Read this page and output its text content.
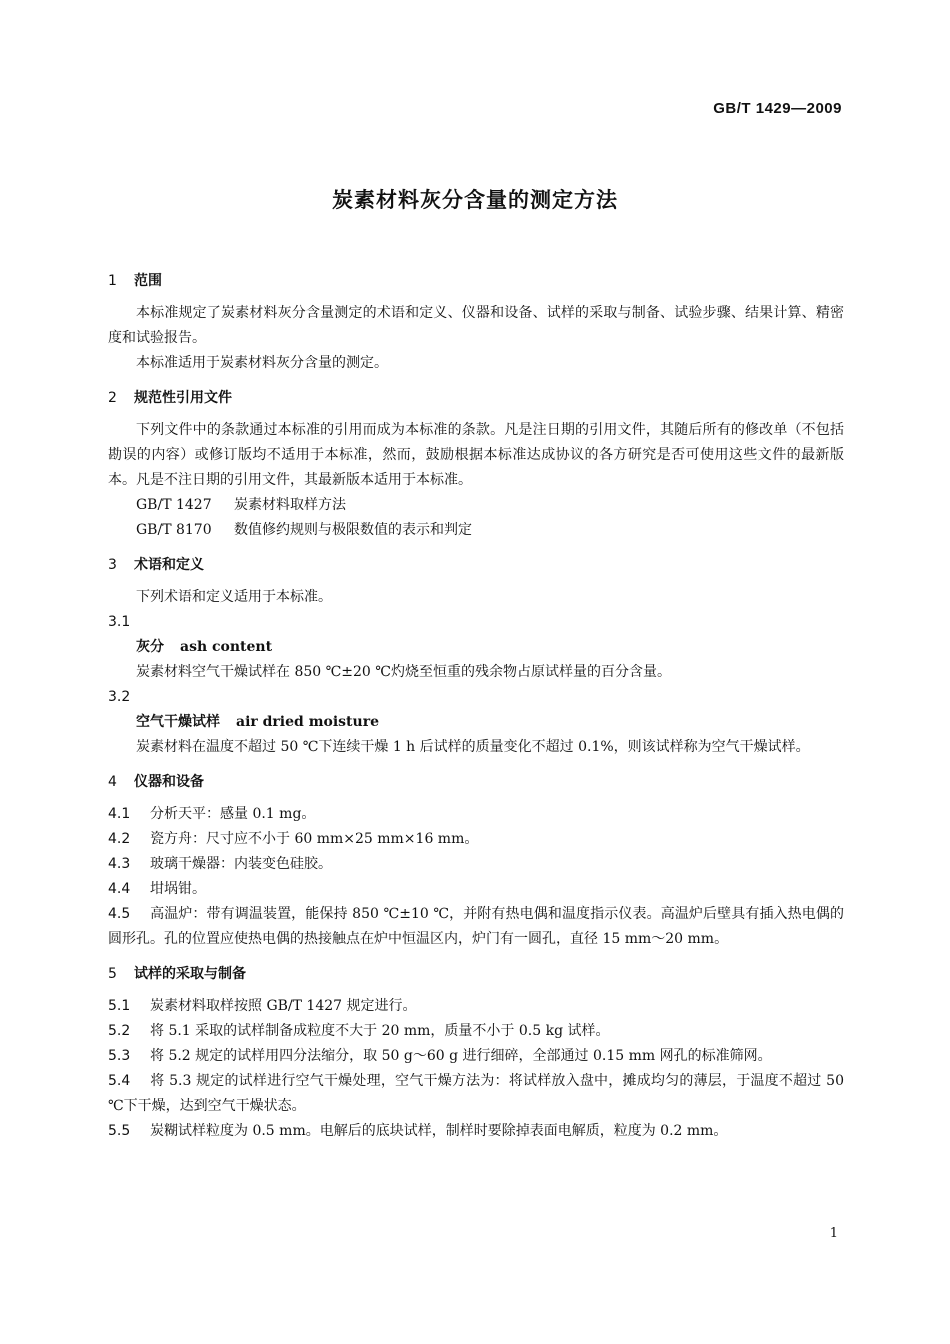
GB/T 1429—2009
炭素材料灰分含量的测定方法
1 范围

本标准规定了炭素材料灰分含量测定的术语和定义、仪器和设备、试样的采取与制备、试验步骤、结果计算、精密度和试验报告。

本标准适用于炭素材料灰分含量的测定。

2 规范性引用文件

下列文件中的条款通过本标准的引用而成为本标准的条款。凡是注日期的引用文件，其随后所有的修改单（不包括勘误的内容）或修订版均不适用于本标准，然而，鼓励根据本标准达成协议的各方研究是否可使用这些文件的最新版本。凡是不注日期的引用文件，其最新版本适用于本标准。

GB/T 1427 炭素材料取样方法

GB/T 8170 数值修约规则与极限数值的表示和判定

3 术语和定义

下列术语和定义适用于本标准。

3.1

灰分 ash content

炭素材料空气干燥试样在 850 ℃±20 ℃灼烧至恒重的残余物占原试样量的百分含量。

3.2

空气干燥试样 air dried moisture

炭素材料在温度不超过 50 ℃下连续干燥 1 h 后试样的质量变化不超过 0.1%，则该试样称为空气干燥试样。

4 仪器和设备

4.1 分析天平：感量 0.1 mg。

4.2 瓷方舟：尺寸应不小于 60 mm×25 mm×16 mm。

4.3 玻璃干燥器：内装变色硅胶。

4.4 坩埚钳。

4.5 高温炉：带有调温装置，能保持 850 ℃±10 ℃，并附有热电偶和温度指示仪表。高温炉后壁具有插入热电偶的圆形孔。孔的位置应使热电偶的热接触点在炉中恒温区内，炉门有一圆孔，直径 15 mm～20 mm。

5 试样的采取与制备

5.1 炭素材料取样按照 GB/T 1427 规定进行。

5.2 将 5.1 采取的试样制备成粒度不大于 20 mm，质量不小于 0.5 kg 试样。

5.3 将 5.2 规定的试样用四分法缩分，取 50 g～60 g 进行细碎，全部通过 0.15 mm 网孔的标准筛网。

5.4 将 5.3 规定的试样进行空气干燥处理，空气干燥方法为：将试样放入盘中，摊成均匀的薄层，于温度不超过 50 ℃下干燥，达到空气干燥状态。

5.5 炭糊试样粒度为 0.5 mm。电解后的底块试样，制样时要除掉表面电解质，粒度为 0.2 mm。

1
